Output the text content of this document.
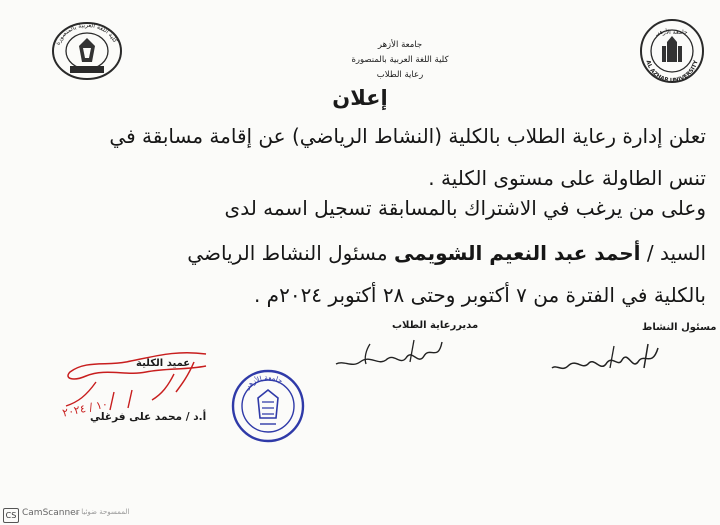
كلية اللغة العربية بالمنصورة
جامعة الأزهر
AL AZHAR UNIVERSITY
جامعة الأزهر
كلية اللغة العربية بالمنصورة
رعاية الطلاب
إعلان
تعلن إدارة رعاية الطلاب بالكلية (النشاط الرياضي) عن إقامة مسابقة في
تنس الطاولة على مستوى الكلية .
وعلى من يرغب في الاشتراك بالمسابقة تسجيل اسمه لدى
السيد / أحمد عبد النعيم الشويمى مسئول النشاط الرياضي
بالكلية في الفترة من ٧ أكتوبر وحتى ٢٨ أكتوبر ٢٠٢٤م .
مسئول النشاط
مديررعاية الطلاب
عميد الكلية
١٠ / ٢٠٢٤
جامعة الأزهر
أ.د / محمد على فرغلي
CS CamScanner
الممسوحة ضوئيا بـ
